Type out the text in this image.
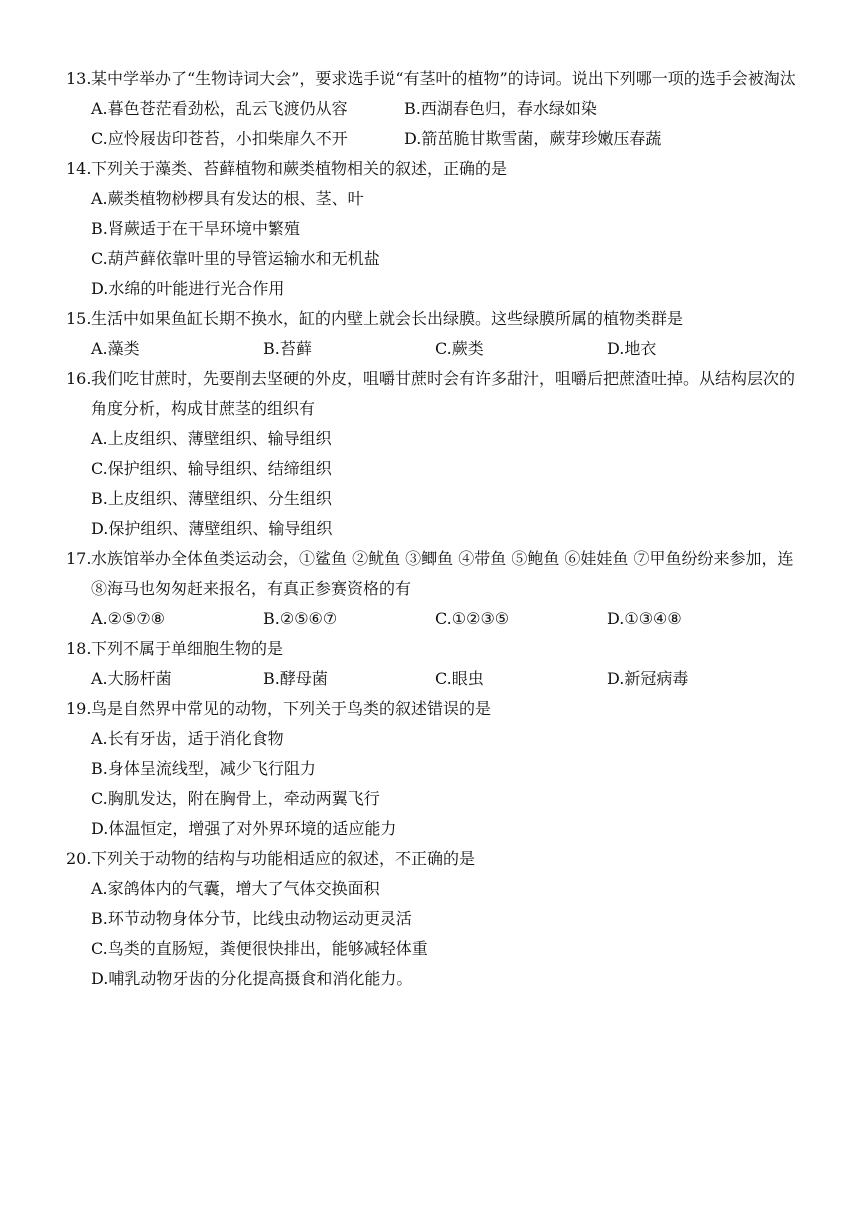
13. 某中学举办了“生物诗词大会”，要求选手说“有茎叶的植物”的诗词。说出下列哪一项的选手会被淘汰
A.暮色苍茫看劲松，乱云飞渡仍从容	B.西湖春色归，春水绿如染
C.应怜屐齿印苍苔，小扣柴扉久不开	D.箭茁脆甘欺雪菌，蕨芽珍嫩压春蔬
14. 下列关于藻类、苔藓植物和蕨类植物相关的叙述，正确的是
A.蕨类植物桫椤具有发达的根、茎、叶
B.肾蕨适于在干旱环境中繁殖
C.葫芦藓依靠叶里的导管运输水和无机盐
D.水绵的叶能进行光合作用
15. 生活中如果鱼缸长期不换水，缸的内壁上就会长出绿膜。这些绿膜所属的植物类群是
A.藻类	B.苔藓	C.蕨类	D.地衣
16. 我们吃甘蔗时，先要削去坚硬的外皮，咀嚼甘蔗时会有许多甜汁，咀嚼后把蔗渣吐掉。从结构层次的角度分析，构成甘蔗茎的组织有
A.上皮组织、薄壁组织、输导组织
C.保护组织、输导组织、结缔组织
B.上皮组织、薄壁组织、分生组织
D.保护组织、薄壁组织、输导组织
17. 水族馆举办全体鱼类运动会，①鲨鱼 ②鱿鱼 ③鲫鱼 ④带鱼 ⑤鲍鱼 ⑥娃娃鱼 ⑦甲鱼纷纷来参加，连⑧海马也匆匆赶来报名，有真正参赛资格的有
A.②⑤⑦⑧	B.②⑤⑥⑦	C.①②③⑤	D.①③④⑧
18. 下列不属于单细胞生物的是
A.大肠杆菌	B.酵母菌	C.眼虫	D.新冠病毒
19. 鸟是自然界中常见的动物，下列关于鸟类的叙述错误的是
A.长有牙齿，适于消化食物
B.身体呈流线型，减少飞行阻力
C.胸肌发达，附在胸骨上，牵动两翼飞行
D.体温恒定，增强了对外界环境的适应能力
20. 下列关于动物的结构与功能相适应的叙述，不正确的是
A.家鸽体内的气囊，增大了气体交换面积
B.环节动物身体分节，比线虫动物运动更灵活
C.鸟类的直肠短，粪便很快排出，能够减轻体重
D.哺乳动物牙齿的分化提高摄食和消化能力。
